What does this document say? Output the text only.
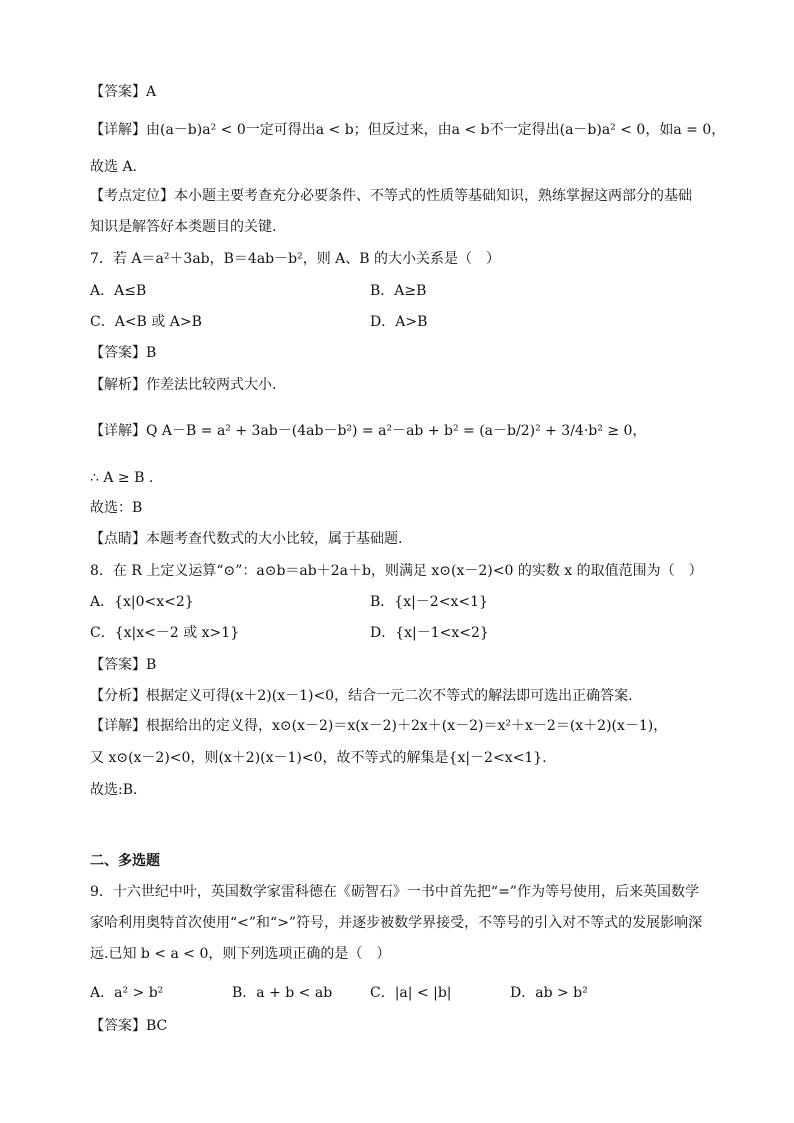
【答案】A
【详解】由(a－b)a² < 0一定可得出a < b；但反过来，由a < b不一定得出(a－b)a² < 0，如a = 0，
故选 A.
【考点定位】本小题主要考查充分必要条件、不等式的性质等基础知识，熟练掌握这两部分的基础
知识是解答好本类题目的关键.
7．若 A＝a²＋3ab，B＝4ab－b²，则 A、B 的大小关系是（　）
【答案】B
【解析】作差法比较两式大小.
【详解】Q A－B = a² + 3ab－(4ab－b²) = a²－ab + b² = (a－b/2)² + 3/4·b² ≥ 0，
∴ A ≥ B .
故选：B
【点睛】本题考查代数式的大小比较，属于基础题.
8．在 R 上定义运算“⊙”：a⊙b＝ab＋2a＋b，则满足 x⊙(x－2)<0 的实数 x 的取值范围为（　）
【答案】B
【分析】根据定义可得(x＋2)(x－1)<0，结合一元二次不等式的解法即可选出正确答案.
【详解】根据给出的定义得，x⊙(x－2)＝x(x－2)＋2x＋(x－2)＝x²＋x－2＝(x＋2)(x－1)，
又 x⊙(x－2)<0，则(x＋2)(x－1)<0，故不等式的解集是{x|－2<x<1}.
故选:B.
二、多选题
9．十六世纪中叶，英国数学家雷科德在《砺智石》一书中首先把“=”作为等号使用，后来英国数学
家哈利用奥特首次使用“<”和“>”符号，并逐步被数学界接受，不等号的引入对不等式的发展影响深
远.已知 b < a < 0，则下列选项正确的是（　）
【答案】BC
A．A≤B	B．A≥B
C．A<B 或 A>B	D．A>B
A．{x|0<x<2}	B．{x|－2<x<1}
C．{x|x<－2 或 x>1}	D．{x|－1<x<2}
A．a² > b²	B．a + b < ab	C．|a| < |b|	D．ab > b²
